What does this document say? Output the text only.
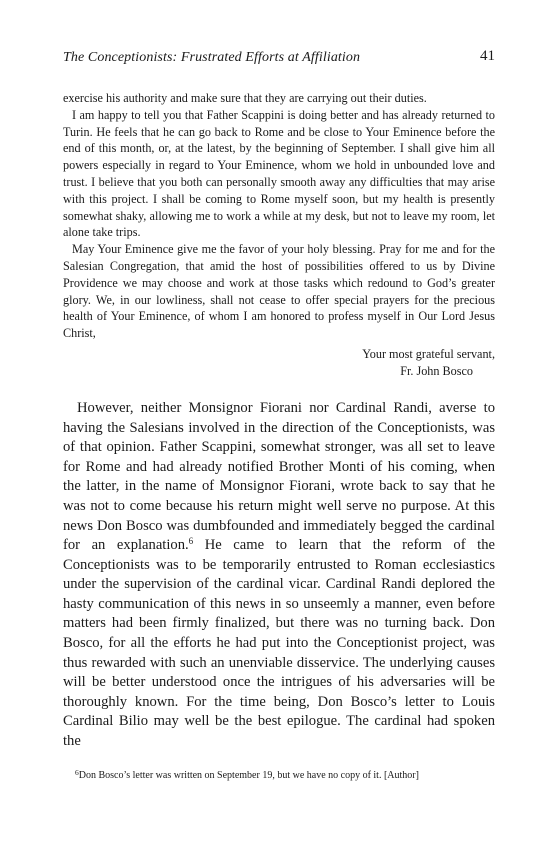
The Conceptionists: Frustrated Efforts at Affiliation	41

exercise his authority and make sure that they are carrying out their duties.

I am happy to tell you that Father Scappini is doing better and has already returned to Turin. He feels that he can go back to Rome and be close to Your Eminence before the end of this month, or, at the latest, by the beginning of September. I shall give him all powers especially in regard to Your Eminence, whom we hold in unbounded love and trust. I believe that you both can personally smooth away any difficulties that may arise with this project. I shall be coming to Rome myself soon, but my health is presently somewhat shaky, allowing me to work a while at my desk, but not to leave my room, let alone take trips.

May Your Eminence give me the favor of your holy blessing. Pray for me and for the Salesian Congregation, that amid the host of possibilities offered to us by Divine Providence we may choose and work at those tasks which redound to God’s greater glory. We, in our lowliness, shall not cease to offer special prayers for the precious health of Your Eminence, of whom I am honored to profess myself in Our Lord Jesus Christ,

Your most grateful servant,
Fr. John Bosco

However, neither Monsignor Fiorani nor Cardinal Randi, averse to having the Salesians involved in the direction of the Conceptionists, was of that opinion. Father Scappini, somewhat stronger, was all set to leave for Rome and had already notified Brother Monti of his coming, when the latter, in the name of Monsignor Fiorani, wrote back to say that he was not to come because his return might well serve no purpose. At this news Don Bosco was dumbfounded and immediately begged the cardinal for an explanation.$^6$ He came to learn that the reform of the Conceptionists was to be temporarily entrusted to Roman ecclesiastics under the supervision of the cardinal vicar. Cardinal Randi deplored the hasty communication of this news in so unseemly a manner, even before matters had been firmly finalized, but there was no turning back. Don Bosco, for all the efforts he had put into the Conceptionist project, was thus rewarded with such an unenviable disservice. The underlying causes will be better understood once the intrigues of his adversaries will be thoroughly known. For the time being, Don Bosco’s letter to Louis Cardinal Bilio may well be the best epilogue. The cardinal had spoken the

$^6$Don Bosco’s letter was written on September 19, but we have no copy of it. [Author]
